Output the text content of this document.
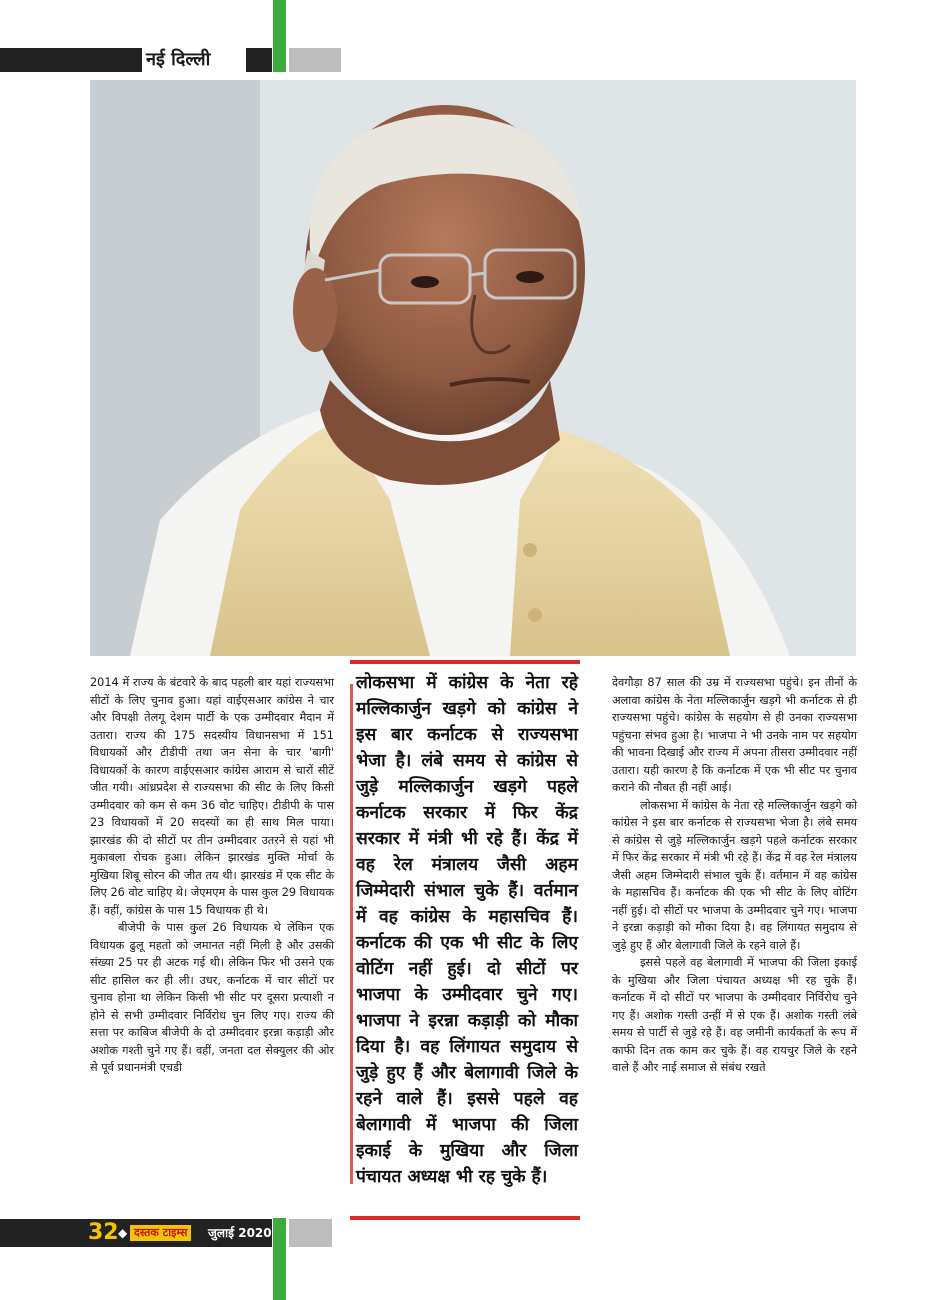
नई दिल्ली

2014 में राज्य के बंटवारे के बाद पहली बार यहां राज्यसभा सीटों के लिए चुनाव हुआ। यहां वाईएसआर कांग्रेस ने चार और विपक्षी तेलगू देशम पार्टी के एक उम्मीदवार मैदान में उतारा। राज्य की 175 सदस्यीय विधानसभा में 151 विधायकों और टीडीपी तथा जन सेना के चार 'बागी' विधायकों के कारण वाईएसआर कांग्रेस आराम से चारों सीटें जीत गयी। आंध्रप्रदेश से राज्यसभा की सीट के लिए किसी उम्मीदवार को कम से कम 36 वोट चाहिए। टीडीपी के पास 23 विधायकों में 20 सदस्यों का ही साथ मिल पाया। झारखंड की दो सीटों पर तीन उम्मीदवार उतरने से यहां भी मुकाबला रोचक हुआ। लेकिन झारखंड मुक्ति मोर्चा के मुखिया शिबू सोरन की जीत तय थी। झारखंड में एक सीट के लिए 26 वोट चाहिए थे। जेएमएम के पास कुल 29 विधायक हैं। वहीं, कांग्रेस के पास 15 विधायक ही थे।

बीजेपी के पास कुल 26 विधायक थे लेकिन एक विधायक ढुलू महतो को जमानत नहीं मिली है और उसकी संख्या 25 पर ही अटक गई थी। लेकिन फिर भी उसने एक सीट हासिल कर ही ली। उधर, कर्नाटक में चार सीटों पर चुनाव होना था लेकिन किसी भी सीट पर दूसरा प्रत्याशी न होने से सभी उम्मीदवार निर्विरोध चुन लिए गए। राज्य की सत्ता पर काबिज बीजेपी के दो उम्मीदवार इरन्ना कड़ाड़ी और अशोक गश्ती चुने गए हैं। वहीं, जनता दल सेक्युलर की ओर से पूर्व प्रधानमंत्री एचडी

लोकसभा में कांग्रेस के नेता रहे मल्लिकार्जुन खड़गे को कांग्रेस ने इस बार कर्नाटक से राज्यसभा भेजा है। लंबे समय से कांग्रेस से जुड़े मल्लिकार्जुन खड़गे पहले कर्नाटक सरकार में फिर केंद्र सरकार में मंत्री भी रहे हैं। केंद्र में वह रेल मंत्रालय जैसी अहम जिम्मेदारी संभाल चुके हैं। वर्तमान में वह कांग्रेस के महासचिव हैं। कर्नाटक की एक भी सीट के लिए वोटिंग नहीं हुई। दो सीटों पर भाजपा के उम्मीदवार चुने गए। भाजपा ने इरन्ना कड़ाड़ी को मौका दिया है। वह लिंगायत समुदाय से जुड़े हुए हैं और बेलागावी जिले के रहने वाले हैं। इससे पहले वह बेलागावी में भाजपा की जिला इकाई के मुखिया और जिला पंचायत अध्यक्ष भी रह चुके हैं।

देवगौड़ा 87 साल की उम्र में राज्यसभा पहुंचे। इन तीनों के अलावा कांग्रेस के नेता मल्लिकार्जुन खड़गे भी कर्नाटक से ही राज्यसभा पहुंचे। कांग्रेस के सहयोग से ही उनका राज्यसभा पहुंचना संभव हुआ है। भाजपा ने भी उनके नाम पर सहयोग की भावना दिखाई और राज्य में अपना तीसरा उम्मीदवार नहीं उतारा। यही कारण है कि कर्नाटक में एक भी सीट पर चुनाव कराने की नौबत ही नहीं आई।

लोकसभा में कांग्रेस के नेता रहे मल्लिकार्जुन खड़गे को कांग्रेस ने इस बार कर्नाटक से राज्यसभा भेजा है। लंबे समय से कांग्रेस से जुड़े मल्लिकार्जुन खड़गे पहले कर्नाटक सरकार में फिर केंद्र सरकार में मंत्री भी रहे हैं। केंद्र में वह रेल मंत्रालय जैसी अहम जिम्मेदारी संभाल चुके हैं। वर्तमान में वह कांग्रेस के महासचिव हैं। कर्नाटक की एक भी सीट के लिए वोटिंग नहीं हुई। दो सीटों पर भाजपा के उम्मीदवार चुने गए। भाजपा ने इरन्ना कड़ाड़ी को मौका दिया है। वह लिंगायत समुदाय से जुड़े हुए हैं और बेलागावी जिले के रहने वाले हैं।

इससे पहले वह बेलागावी में भाजपा की जिला इकाई के मुखिया और जिला पंचायत अध्यक्ष भी रह चुके हैं। कर्नाटक में दो सीटों पर भाजपा के उम्मीदवार निर्विरोध चुने गए हैं। अशोक गस्ती उन्हीं में से एक हैं। अशोक गस्ती लंबे समय से पार्टी से जुड़े रहे हैं। वह जमीनी कार्यकर्ता के रूप में काफी दिन तक काम कर चुके हैं। वह रायचुर जिले के रहने वाले हैं और नाई समाज से संबंध रखते

32 ◆ दस्तक टाइम्स	जुलाई 2020
